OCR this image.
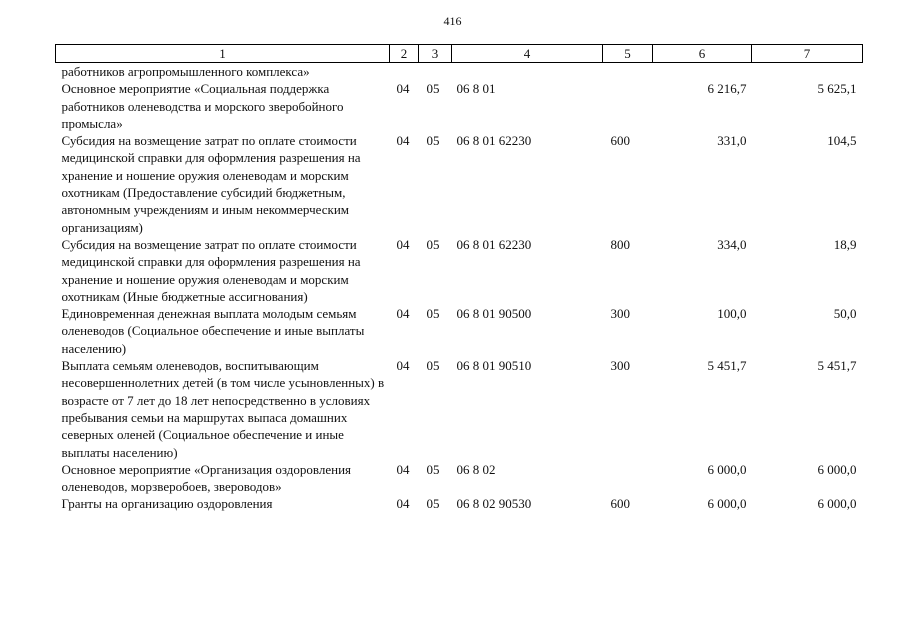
416
1	2	3	4	5	6	7
работников агропромышленного комплекса»						
Основное мероприятие «Социальная поддержка работников оленеводства и морского зверобойного промысла»	04	05	06 8 01		6 216,7	5 625,1
Субсидия на возмещение затрат по оплате стоимости медицинской справки для оформления разрешения на хранение и ношение оружия оленеводам и морским охотникам (Предоставление субсидий бюджетным, автономным учреждениям и иным некоммерческим организациям)	04	05	06 8 01 62230	600	331,0	104,5
Субсидия на возмещение затрат по оплате стоимости медицинской справки для оформления разрешения на хранение и ношение оружия оленеводам и морским охотникам (Иные бюджетные ассигнования)	04	05	06 8 01 62230	800	334,0	18,9
Единовременная денежная выплата молодым семьям оленеводов (Социальное обеспечение и иные выплаты населению)	04	05	06 8 01 90500	300	100,0	50,0
Выплата семьям оленеводов, воспитывающим несовершеннолетних детей (в том числе усыновленных) в возрасте от 7 лет до 18 лет непосредственно в условиях пребывания семьи на маршрутах выпаса домашних северных оленей (Социальное обеспечение и иные выплаты населению)	04	05	06 8 01 90510	300	5 451,7	5 451,7
Основное мероприятие «Организация оздоровления оленеводов, морзверобоев, звероводов»	04	05	06 8 02		6 000,0	6 000,0
Гранты на организацию оздоровления	04	05	06 8 02 90530	600	6 000,0	6 000,0
